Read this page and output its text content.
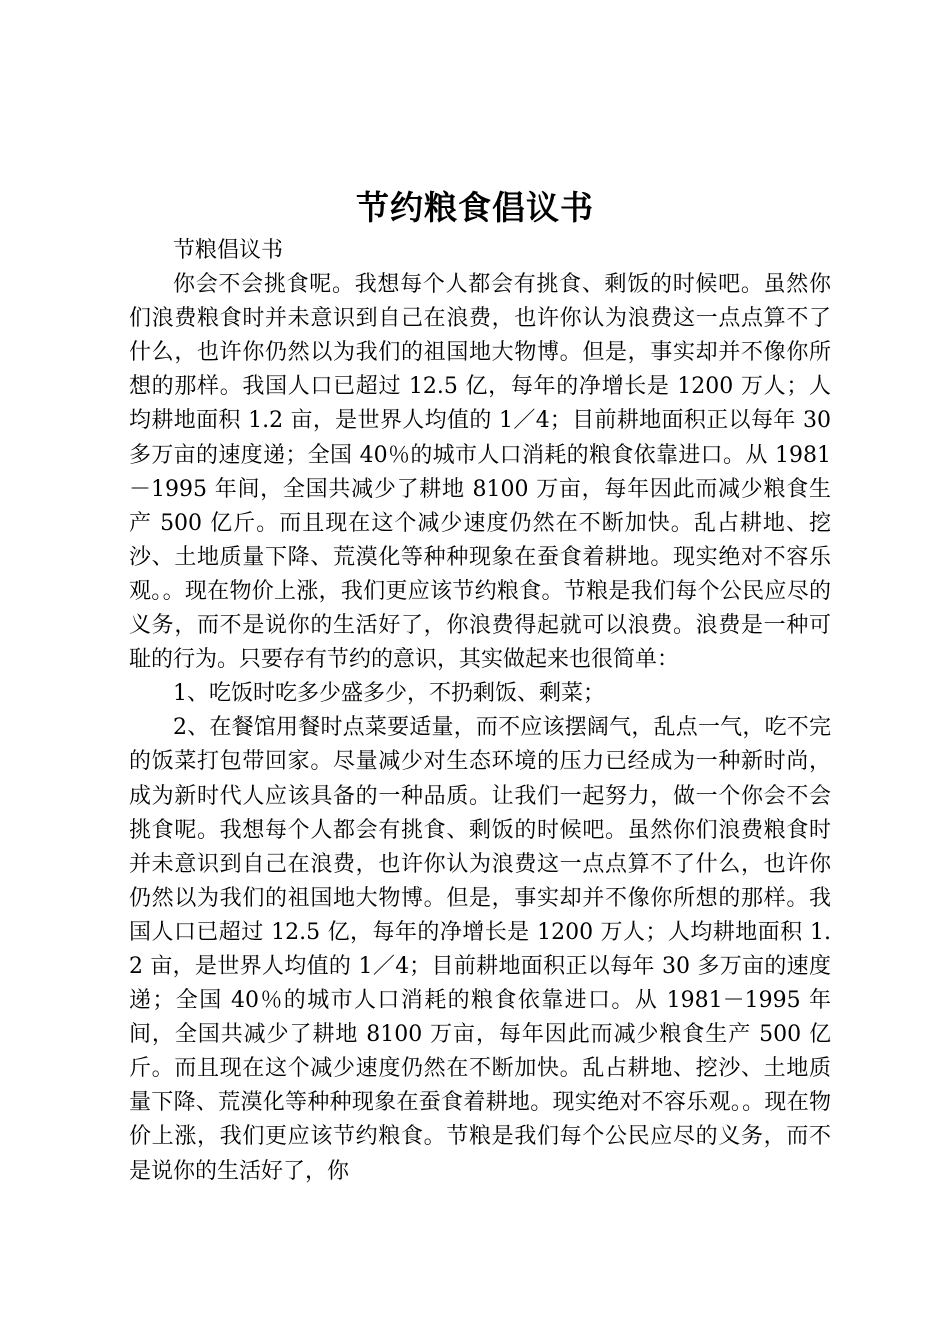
节约粮食倡议书

节粮倡议书

你会不会挑食呢。我想每个人都会有挑食、剩饭的时候吧。虽然你们浪费粮食时并未意识到自己在浪费，也许你认为浪费这一点点算不了什么，也许你仍然以为我们的祖国地大物博。但是，事实却并不像你所想的那样。我国人口已超过 12.5 亿，每年的净增长是 1200 万人；人均耕地面积 1.2 亩，是世界人均值的 1／4；目前耕地面积正以每年 30 多万亩的速度递；全国 40％的城市人口消耗的粮食依靠进口。从 1981－1995 年间，全国共减少了耕地 8100 万亩，每年因此而减少粮食生产 500 亿斤。而且现在这个减少速度仍然在不断加快。乱占耕地、挖沙、土地质量下降、荒漠化等种种现象在蚕食着耕地。现实绝对不容乐观。。现在物价上涨，我们更应该节约粮食。节粮是我们每个公民应尽的义务，而不是说你的生活好了，你浪费得起就可以浪费。浪费是一种可耻的行为。只要存有节约的意识，其实做起来也很简单：

1、吃饭时吃多少盛多少，不扔剩饭、剩菜；

2、在餐馆用餐时点菜要适量，而不应该摆阔气，乱点一气，吃不完的饭菜打包带回家。尽量减少对生态环境的压力已经成为一种新时尚，成为新时代人应该具备的一种品质。让我们一起努力，做一个你会不会挑食呢。我想每个人都会有挑食、剩饭的时候吧。虽然你们浪费粮食时并未意识到自己在浪费，也许你认为浪费这一点点算不了什么，也许你仍然以为我们的祖国地大物博。但是，事实却并不像你所想的那样。我国人口已超过 12.5 亿，每年的净增长是 1200 万人；人均耕地面积 1.2 亩，是世界人均值的 1／4；目前耕地面积正以每年 30 多万亩的速度递；全国 40％的城市人口消耗的粮食依靠进口。从 1981－1995 年间，全国共减少了耕地 8100 万亩，每年因此而减少粮食生产 500 亿斤。而且现在这个减少速度仍然在不断加快。乱占耕地、挖沙、土地质量下降、荒漠化等种种现象在蚕食着耕地。现实绝对不容乐观。。现在物价上涨，我们更应该节约粮食。节粮是我们每个公民应尽的义务，而不是说你的生活好了，你
